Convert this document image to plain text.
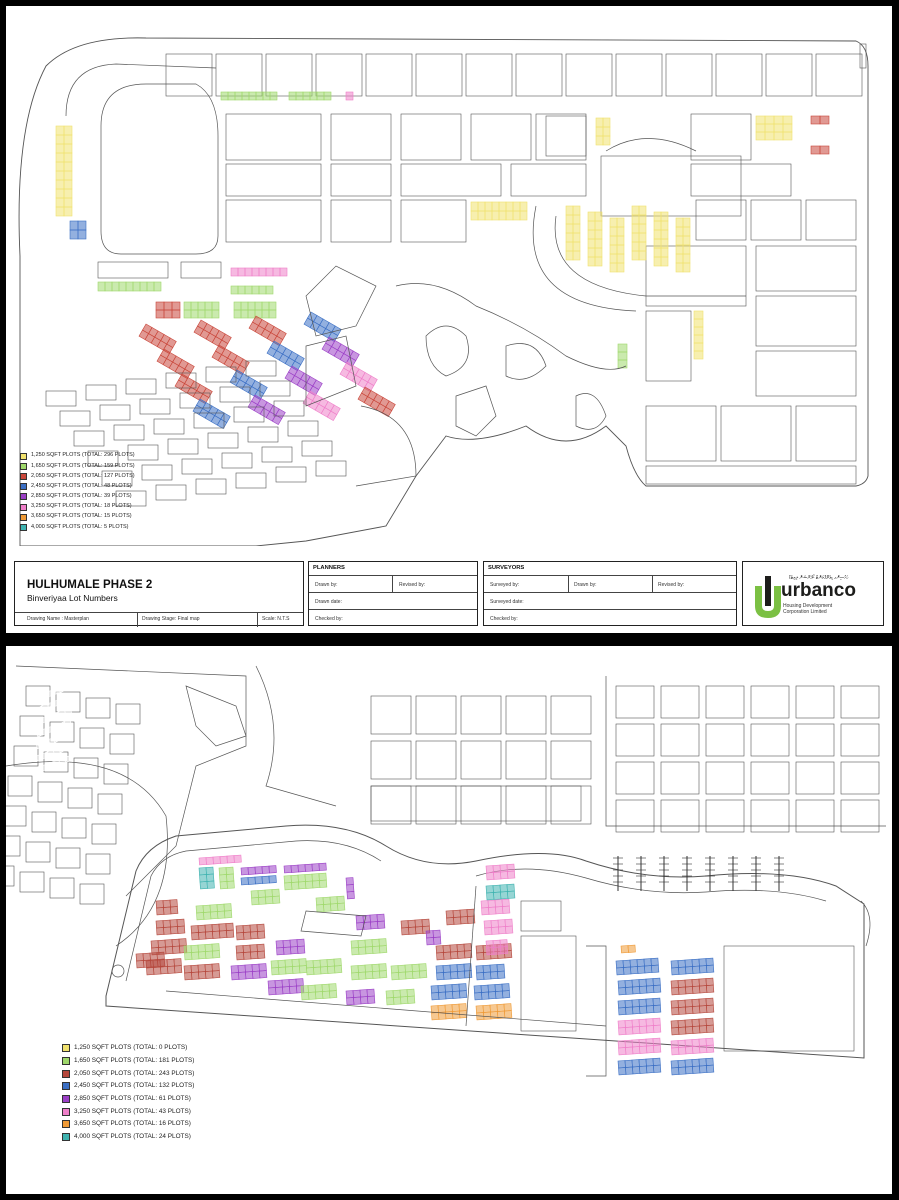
1,250 SQFT PLOTS (TOTAL: 296 PLOTS)
1,650 SQFT PLOTS (TOTAL: 159 PLOTS)
2,050 SQFT PLOTS (TOTAL: 127 PLOTS)
2,450 SQFT PLOTS (TOTAL: 48 PLOTS)
2,850 SQFT PLOTS (TOTAL: 39 PLOTS)
3,250 SQFT PLOTS (TOTAL: 18 PLOTS)
3,650 SQFT PLOTS (TOTAL: 15 PLOTS)
4,000 SQFT PLOTS (TOTAL: 5 PLOTS)
HULHUMALE PHASE 2
Binveriyaa Lot Numbers
Drawing Name : Masterplan	Drawing Stage: Final map	Scale: N.T.S
PLANNERS
Drawn by:	Revised by:
Drawn date:
Checked by:
SURVEYORS
Surveyed by:	Drawn by:	Revised by:
Surveyed date:
Checked by:
ހައުސިންގ ޑިވެލޮޕްމަންޓް ކޯޕަރޭޝަން ލިމިޓެޑް
urbanco
Housing Development Corporation Limited
1,250 SQFT PLOTS (TOTAL: 0 PLOTS)
1,650 SQFT PLOTS (TOTAL: 181 PLOTS)
2,050 SQFT PLOTS (TOTAL: 243 PLOTS)
2,450 SQFT PLOTS (TOTAL: 132 PLOTS)
2,850 SQFT PLOTS (TOTAL: 61 PLOTS)
3,250 SQFT PLOTS (TOTAL: 43 PLOTS)
3,650 SQFT PLOTS (TOTAL: 16 PLOTS)
4,000 SQFT PLOTS (TOTAL: 24 PLOTS)
